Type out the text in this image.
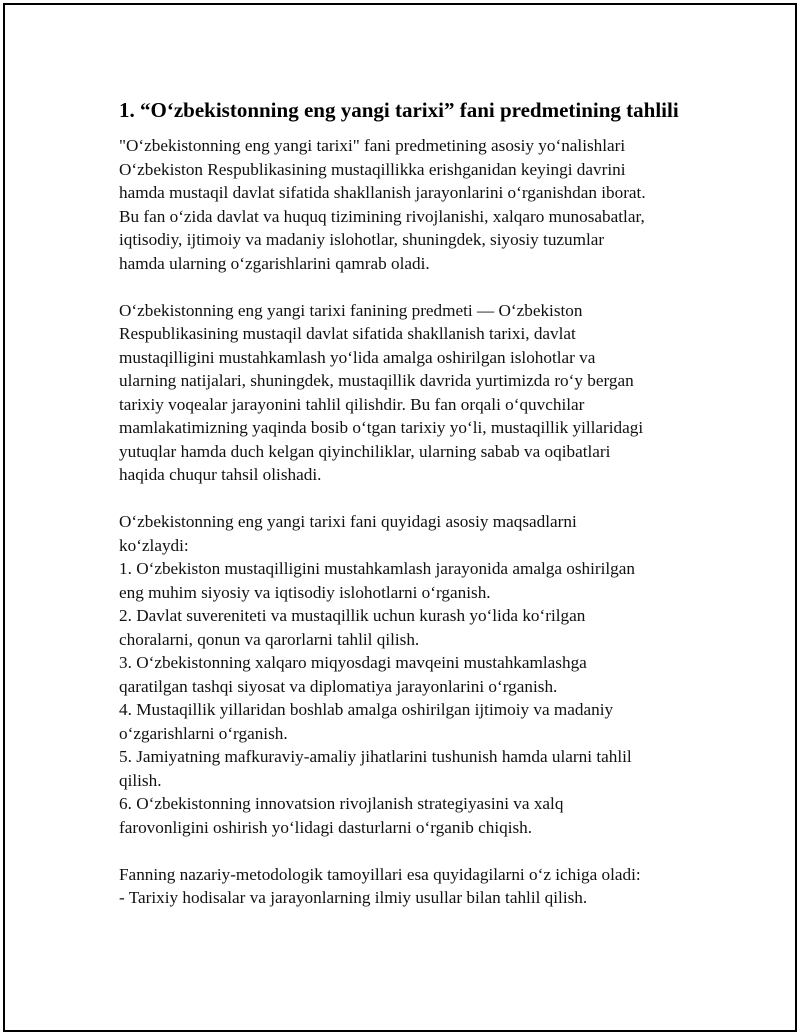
1. “O‘zbekistonning eng yangi tarixi” fani predmetining tahlili
"O‘zbekistonning eng yangi tarixi" fani predmetining asosiy yo‘nalishlari
O‘zbekiston Respublikasining mustaqillikka erishganidan keyingi davrini
hamda mustaqil davlat sifatida shakllanish jarayonlarini o‘rganishdan iborat.
Bu fan o‘zida davlat va huquq tizimining rivojlanishi, xalqaro munosabatlar,
iqtisodiy, ijtimoiy va madaniy islohotlar, shuningdek, siyosiy tuzumlar
hamda ularning o‘zgarishlarini qamrab oladi.
O‘zbekistonning eng yangi tarixi fanining predmeti — O‘zbekiston
Respublikasining mustaqil davlat sifatida shakllanish tarixi, davlat
mustaqilligini mustahkamlash yo‘lida amalga oshirilgan islohotlar va
ularning natijalari, shuningdek, mustaqillik davrida yurtimizda ro‘y bergan
tarixiy voqealar jarayonini tahlil qilishdir. Bu fan orqali o‘quvchilar
mamlakatimizning yaqinda bosib o‘tgan tarixiy yo‘li, mustaqillik yillaridagi
yutuqlar hamda duch kelgan qiyinchiliklar, ularning sabab va oqibatlari
haqida chuqur tahsil olishadi.
O‘zbekistonning eng yangi tarixi fani quyidagi asosiy maqsadlarni
ko‘zlaydi:
1. O‘zbekiston mustaqilligini mustahkamlash jarayonida amalga oshirilgan
eng muhim siyosiy va iqtisodiy islohotlarni o‘rganish.
2. Davlat suvereniteti va mustaqillik uchun kurash yo‘lida ko‘rilgan
choralarni, qonun va qarorlarni tahlil qilish.
3. O‘zbekistonning xalqaro miqyosdagi mavqeini mustahkamlashga
qaratilgan tashqi siyosat va diplomatiya jarayonlarini o‘rganish.
4. Mustaqillik yillaridan boshlab amalga oshirilgan ijtimoiy va madaniy
o‘zgarishlarni o‘rganish.
5. Jamiyatning mafkuraviy-amaliy jihatlarini tushunish hamda ularni tahlil
qilish.
6. O‘zbekistonning innovatsion rivojlanish strategiyasini va xalq
farovonligini oshirish yo‘lidagi dasturlarni o‘rganib chiqish.
Fanning nazariy-metodologik tamoyillari esa quyidagilarni o‘z ichiga oladi:
- Tarixiy hodisalar va jarayonlarning ilmiy usullar bilan tahlil qilish.
